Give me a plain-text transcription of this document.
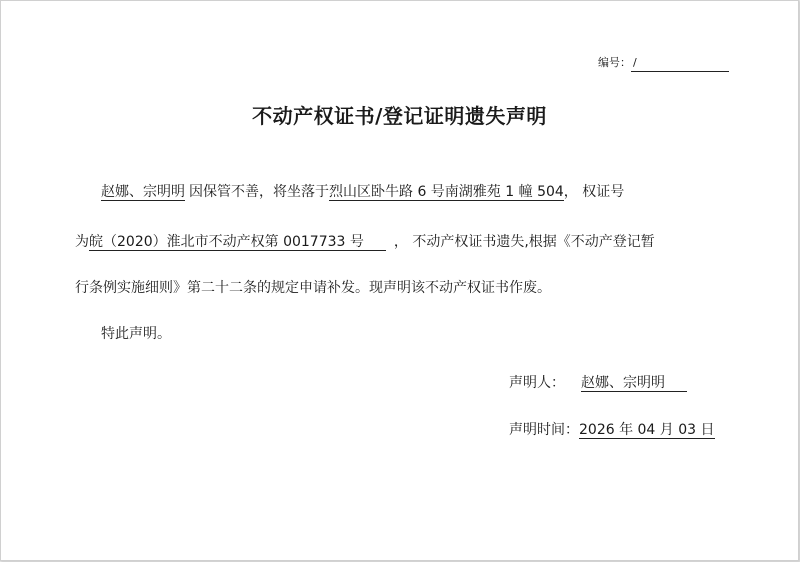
编号： /
不动产权证书/登记证明遗失声明
赵娜、宗明明 因保管不善，将坐落于烈山区卧牛路 6 号南湖雅苑 1 幢 504， 权证号
为皖（2020）淮北市不动产权第 0017733 号 ， 不动产权证书遗失,根据《不动产登记暂
行条例实施细则》第二十二条的规定申请补发。现声明该不动产权证书作废。
特此声明。
声明人： 赵娜、宗明明
声明时间：2026 年 04 月 03 日
